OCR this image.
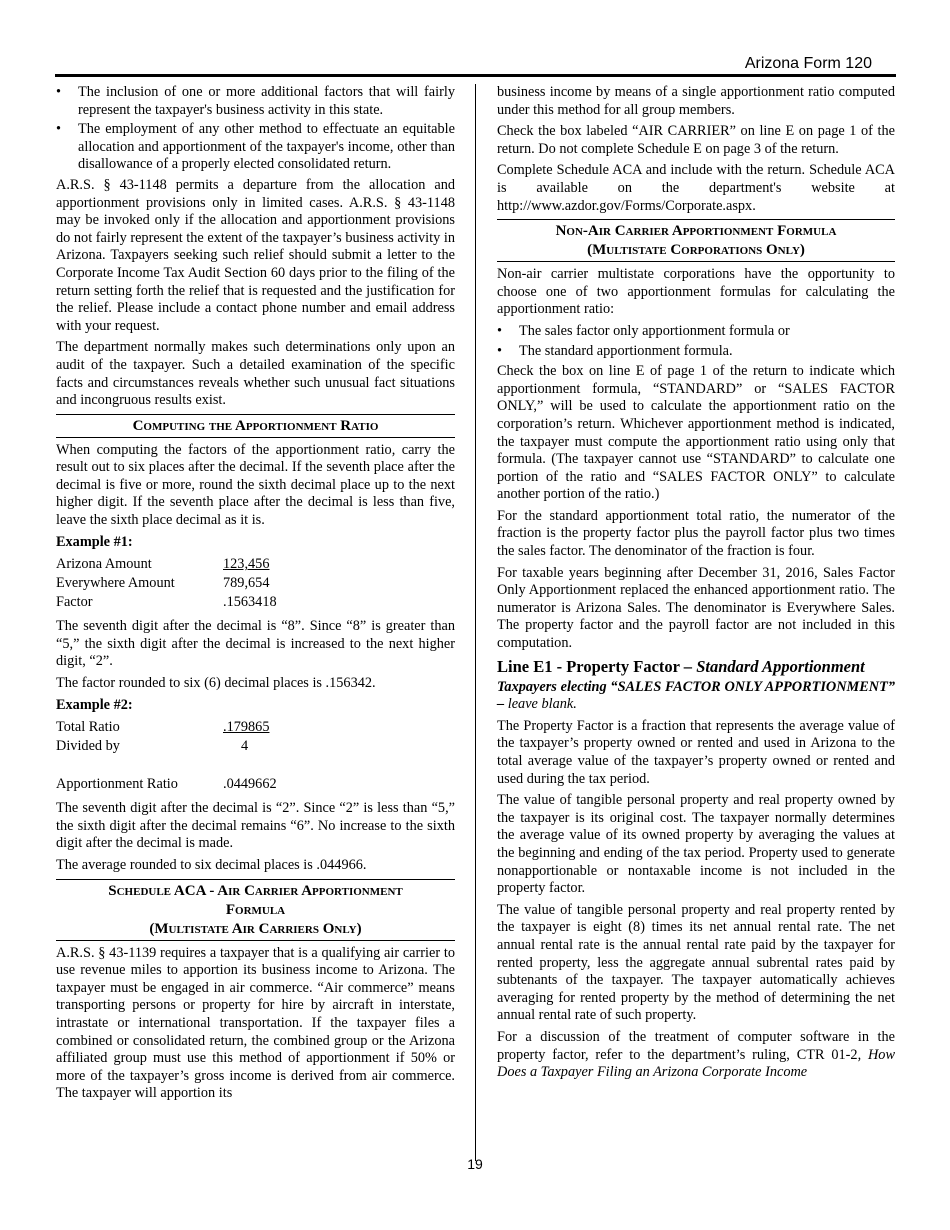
Arizona Form 120
• The inclusion of one or more additional factors that will fairly represent the taxpayer's business activity in this state.
• The employment of any other method to effectuate an equitable allocation and apportionment of the taxpayer's income, other than disallowance of a properly elected consolidated return.

A.R.S. § 43-1148 permits a departure from the allocation and apportionment provisions only in limited cases. A.R.S. § 43-1148 may be invoked only if the allocation and apportionment provisions do not fairly represent the extent of the taxpayer’s business activity in Arizona. Taxpayers seeking such relief should submit a letter to the Corporate Income Tax Audit Section 60 days prior to the filing of the return setting forth the relief that is requested and the justification for the relief. Please include a contact phone number and email address with your request.

The department normally makes such determinations only upon an audit of the taxpayer. Such a detailed examination of the specific facts and circumstances reveals whether such unusual fact situations and incongruous results exist.

Computing the Apportionment Ratio

When computing the factors of the apportionment ratio, carry the result out to six places after the decimal. If the seventh place after the decimal is five or more, round the sixth decimal place up to the next higher digit. If the seventh place after the decimal is less than five, leave the sixth place decimal as it is.

Example #1:
Arizona Amount	123,456
Everywhere Amount	789,654
Factor	.1563418

The seventh digit after the decimal is “8”. Since “8” is greater than “5,” the sixth digit after the decimal is increased to the next higher digit, “2”.

The factor rounded to six (6) decimal places is .156342.

Example #2:
Total Ratio	.179865
Divided by	4

Apportionment Ratio	.0449662

The seventh digit after the decimal is “2”. Since “2” is less than “5,” the sixth digit after the decimal remains “6”. No increase to the sixth digit after the decimal is made.

The average rounded to six decimal places is .044966.

Schedule ACA - Air Carrier Apportionment
Formula
(Multistate Air Carriers Only)

A.R.S. § 43-1139 requires a taxpayer that is a qualifying air carrier to use revenue miles to apportion its business income to Arizona. The taxpayer must be engaged in air commerce. “Air commerce” means transporting persons or property for hire by aircraft in interstate, intrastate or international transportation. If the taxpayer files a combined or consolidated return, the combined group or the Arizona affiliated group must use this method of apportionment if 50% or more of the taxpayer’s gross income is derived from air commerce. The taxpayer will apportion its

business income by means of a single apportionment ratio computed under this method for all group members.

Check the box labeled “AIR CARRIER” on line E on page 1 of the return. Do not complete Schedule E on page 3 of the return.

Complete Schedule ACA and include with the return. Schedule ACA is available on the department's website at http://www.azdor.gov/Forms/Corporate.aspx.

Non-Air Carrier Apportionment Formula
(Multistate Corporations Only)

Non-air carrier multistate corporations have the opportunity to choose one of two apportionment formulas for calculating the apportionment ratio:

• The sales factor only apportionment formula or
• The standard apportionment formula.

Check the box on line E of page 1 of the return to indicate which apportionment formula, “STANDARD” or “SALES FACTOR ONLY,” will be used to calculate the apportionment ratio on the corporation’s return. Whichever apportionment method is indicated, the taxpayer must compute the apportionment ratio using only that formula. (The taxpayer cannot use “STANDARD” to calculate one portion of the ratio and “SALES FACTOR ONLY” to calculate another portion of the ratio.)

For the standard apportionment total ratio, the numerator of the fraction is the property factor plus the payroll factor plus two times the sales factor. The denominator of the fraction is four.

For taxable years beginning after December 31, 2016, Sales Factor Only Apportionment replaced the enhanced apportionment ratio. The numerator is Arizona Sales. The denominator is Everywhere Sales. The property factor and the payroll factor are not included in this computation.

Line E1 - Property Factor – Standard Apportionment
Taxpayers electing “SALES FACTOR ONLY APPORTIONMENT” – leave blank.

The Property Factor is a fraction that represents the average value of the taxpayer’s property owned or rented and used in Arizona to the total average value of the taxpayer’s property owned or rented and used during the tax period.

The value of tangible personal property and real property owned by the taxpayer is its original cost. The taxpayer normally determines the average value of its owned property by averaging the values at the beginning and ending of the tax period. Property used to generate nonapportionable or nontaxable income is not included in the property factor.

The value of tangible personal property and real property rented by the taxpayer is eight (8) times its net annual rental rate. The net annual rental rate is the annual rental rate paid by the taxpayer for rented property, less the aggregate annual subrental rates paid by subtenants of the taxpayer. The taxpayer automatically achieves averaging for rented property by the method of determining the net annual rental rate of such property.

For a discussion of the treatment of computer software in the property factor, refer to the department’s ruling, CTR 01-2, How Does a Taxpayer Filing an Arizona Corporate Income

19
